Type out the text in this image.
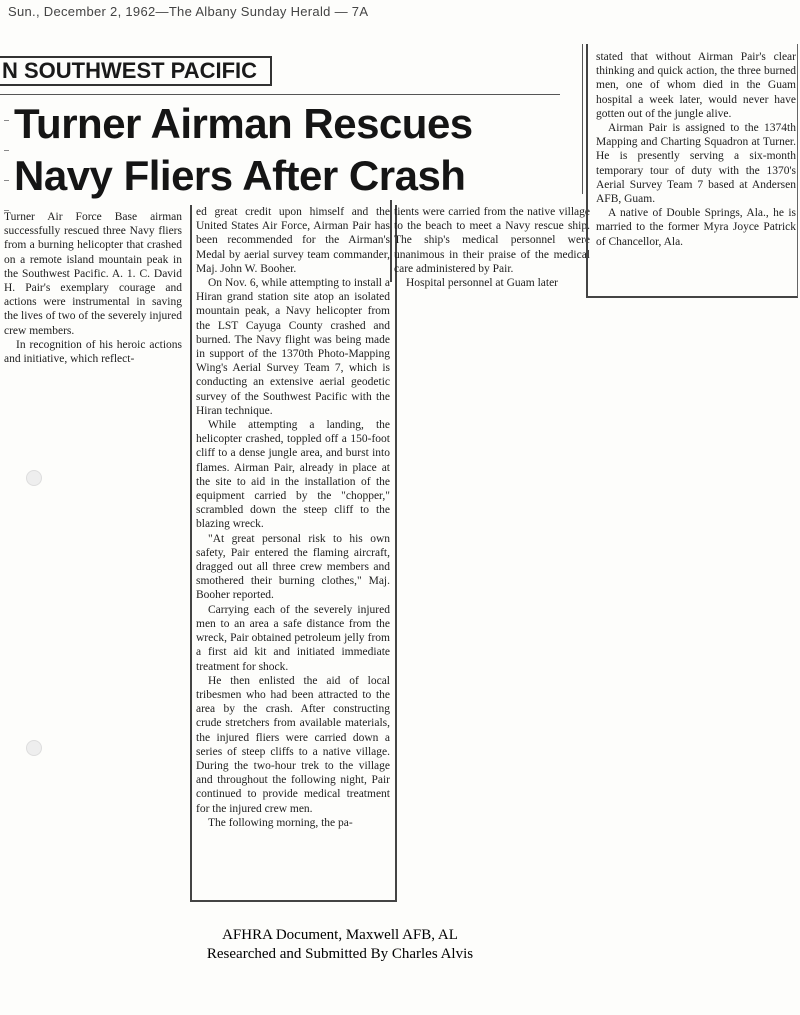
Sun., December 2, 1962—The Albany Sunday Herald — 7A
N SOUTHWEST PACIFIC
Turner Airman Rescues
Navy Fliers After Crash

Turner Air Force Base airman successfully rescued three Navy fliers from a burning helicopter that crashed on a remote island mountain peak in the Southwest Pacific. A. 1. C. David H. Pair's exemplary courage and actions were instrumental in saving the lives of two of the severely injured crew members.

In recognition of his heroic actions and initiative, which reflect-

ed great credit upon himself and the United States Air Force, Airman Pair has been recommended for the Airman's Medal by aerial survey team commander, Maj. John W. Booher.

On Nov. 6, while attempting to install a Hiran grand station site atop an isolated mountain peak, a Navy helicopter from the LST Cayuga County crashed and burned. The Navy flight was being made in support of the 1370th Photo-Mapping Wing's Aerial Survey Team 7, which is conducting an extensive aerial geodetic survey of the Southwest Pacific with the Hiran technique.

While attempting a landing, the helicopter crashed, toppled off a 150-foot cliff to a dense jungle area, and burst into flames. Airman Pair, already in place at the site to aid in the installation of the equipment carried by the "chopper," scrambled down the steep cliff to the blazing wreck.

"At great personal risk to his own safety, Pair entered the flaming aircraft, dragged out all three crew members and smothered their burning clothes," Maj. Booher reported.

Carrying each of the severely injured men to an area a safe distance from the wreck, Pair obtained petroleum jelly from a first aid kit and initiated immediate treatment for shock.

He then enlisted the aid of local tribesmen who had been attracted to the area by the crash. After constructing crude stretchers from available materials, the injured fliers were carried down a series of steep cliffs to a native village. During the two-hour trek to the village and throughout the following night, Pair continued to provide medical treatment for the injured crew men.

The following morning, the pa-

tients were carried from the native village to the beach to meet a Navy rescue ship. The ship's medical personnel were unanimous in their praise of the medical care administered by Pair.

Hospital personnel at Guam later

stated that without Airman Pair's clear thinking and quick action, the three burned men, one of whom died in the Guam hospital a week later, would never have gotten out of the jungle alive.

Airman Pair is assigned to the 1374th Mapping and Charting Squadron at Turner. He is presently serving a six-month temporary tour of duty with the 1370's Aerial Survey Team 7 based at Andersen AFB, Guam.

A native of Double Springs, Ala., he is married to the former Myra Joyce Patrick of Chancellor, Ala.

AFHRA Document, Maxwell AFB, AL
Researched and Submitted By Charles Alvis
